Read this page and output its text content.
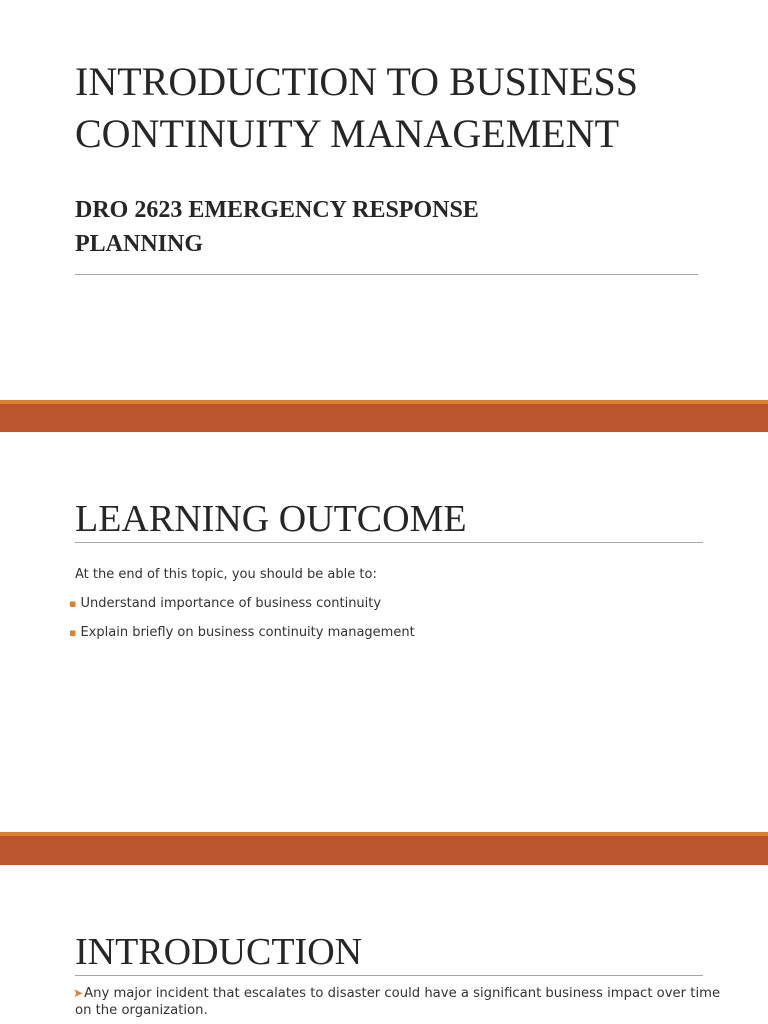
INTRODUCTION TO BUSINESS
CONTINUITY MANAGEMENT
DRO 2623 EMERGENCY RESPONSE
PLANNING
LEARNING OUTCOME
At the end of this topic, you should be able to:
▪ Understand importance of business continuity
▪ Explain briefly on business continuity management
INTRODUCTION
➤Any major incident that escalates to disaster could have a significant business impact over time
on the organization.
